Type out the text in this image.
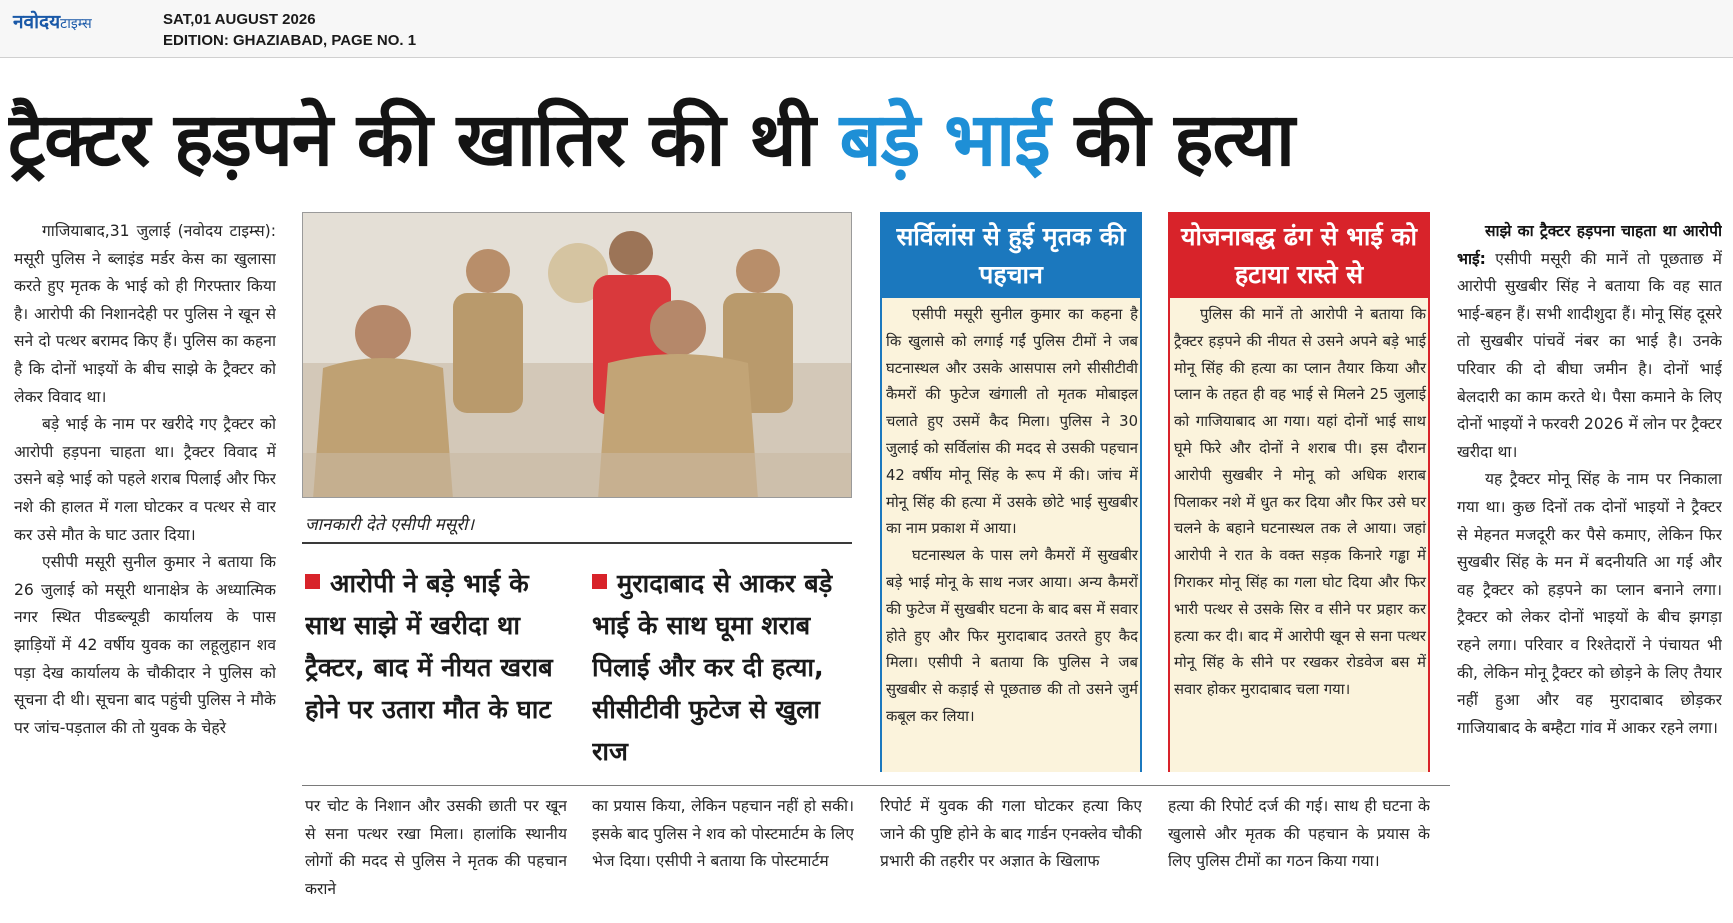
नवोदयटाइम्स	SAT,01 AUGUST 2026
EDITION: GHAZIABAD, PAGE NO. 1
ट्रैक्टर हड़पने की खातिर की थी बड़े भाई की हत्या

गाजियाबाद,31 जुलाई (नवोदय टाइम्स): मसूरी पुलिस ने ब्लाइंड मर्डर केस का खुलासा करते हुए मृतक के भाई को ही गिरफ्तार किया है। आरोपी की निशानदेही पर पुलिस ने खून से सने दो पत्थर बरामद किए हैं। पुलिस का कहना है कि दोनों भाइयों के बीच साझे के ट्रैक्टर को लेकर विवाद था।

बड़े भाई के नाम पर खरीदे गए ट्रैक्टर को आरोपी हड़पना चाहता था। ट्रैक्टर विवाद में उसने बड़े भाई को पहले शराब पिलाई और फिर नशे की हालत में गला घोटकर व पत्थर से वार कर उसे मौत के घाट उतार दिया।

एसीपी मसूरी सुनील कुमार ने बताया कि 26 जुलाई को मसूरी थानाक्षेत्र के अध्यात्मिक नगर स्थित पीडब्ल्यूडी कार्यालय के पास झाड़ियों में 42 वर्षीय युवक का लहूलुहान शव पड़ा देख कार्यालय के चौकीदार ने पुलिस को सूचना दी थी। सूचना बाद पहुंची पुलिस ने मौके पर जांच-पड़ताल की तो युवक के चेहरे

जानकारी देते एसीपी मसूरी।
आरोपी ने बड़े भाई के साथ साझे में खरीदा था ट्रैक्टर, बाद में नीयत खराब होने पर उतारा मौत के घाट
मुरादाबाद से आकर बड़े भाई के साथ घूमा शराब पिलाई और कर दी हत्या, सीसीटीवी फुटेज से खुला राज

पर चोट के निशान और उसकी छाती पर खून से सना पत्थर रखा मिला। हालांकि स्थानीय लोगों की मदद से पुलिस ने मृतक की पहचान कराने

का प्रयास किया, लेकिन पहचान नहीं हो सकी। इसके बाद पुलिस ने शव को पोस्टमार्टम के लिए भेज दिया। एसीपी ने बताया कि पोस्टमार्टम

रिपोर्ट में युवक की गला घोटकर हत्या किए जाने की पुष्टि होने के बाद गार्डन एनक्लेव चौकी प्रभारी की तहरीर पर अज्ञात के खिलाफ

हत्या की रिपोर्ट दर्ज की गई। साथ ही घटना के खुलासे और मृतक की पहचान के प्रयास के लिए पुलिस टीमों का गठन किया गया।

सर्विलांस से हुई मृतक की पहचान

एसीपी मसूरी सुनील कुमार का कहना है कि खुलासे को लगाई गईं पुलिस टीमों ने जब घटनास्थल और उसके आसपास लगे सीसीटीवी कैमरों की फुटेज खंगाली तो मृतक मोबाइल चलाते हुए उसमें कैद मिला। पुलिस ने 30 जुलाई को सर्विलांस की मदद से उसकी पहचान 42 वर्षीय मोनू सिंह के रूप में की। जांच में मोनू सिंह की हत्या में उसके छोटे भाई सुखबीर का नाम प्रकाश में आया।

घटनास्थल के पास लगे कैमरों में सुखबीर बड़े भाई मोनू के साथ नजर आया। अन्य कैमरों की फुटेज में सुखबीर घटना के बाद बस में सवार होते हुए और फिर मुरादाबाद उतरते हुए कैद मिला। एसीपी ने बताया कि पुलिस ने जब सुखबीर से कड़ाई से पूछताछ की तो उसने जुर्म कबूल कर लिया।

योजनाबद्ध ढंग से भाई को हटाया रास्ते से

पुलिस की मानें तो आरोपी ने बताया कि ट्रैक्टर हड़पने की नीयत से उसने अपने बड़े भाई मोनू सिंह की हत्या का प्लान तैयार किया और प्लान के तहत ही वह भाई से मिलने 25 जुलाई को गाजियाबाद आ गया। यहां दोनों भाई साथ घूमे फिरे और दोनों ने शराब पी। इस दौरान आरोपी सुखबीर ने मोनू को अधिक शराब पिलाकर नशे में धुत कर दिया और फिर उसे घर चलने के बहाने घटनास्थल तक ले आया। जहां आरोपी ने रात के वक्त सड़क किनारे गड्ढा में गिराकर मोनू सिंह का गला घोट दिया और फिर भारी पत्थर से उसके सिर व सीने पर प्रहार कर हत्या कर दी। बाद में आरोपी खून से सना पत्थर मोनू सिंह के सीने पर रखकर रोडवेज बस में सवार होकर मुरादाबाद चला गया।

साझे का ट्रैक्टर हड़पना चाहता था आरोपी भाई: एसीपी मसूरी की मानें तो पूछताछ में आरोपी सुखबीर सिंह ने बताया कि वह सात भाई-बहन हैं। सभी शादीशुदा हैं। मोनू सिंह दूसरे तो सुखबीर पांचवें नंबर का भाई है। उनके परिवार की दो बीघा जमीन है। दोनों भाई बेलदारी का काम करते थे। पैसा कमाने के लिए दोनों भाइयों ने फरवरी 2026 में लोन पर ट्रैक्टर खरीदा था।

यह ट्रैक्टर मोनू सिंह के नाम पर निकाला गया था। कुछ दिनों तक दोनों भाइयों ने ट्रैक्टर से मेहनत मजदूरी कर पैसे कमाए, लेकिन फिर सुखबीर सिंह के मन में बदनीयति आ गई और वह ट्रैक्टर को हड़पने का प्लान बनाने लगा। ट्रैक्टर को लेकर दोनों भाइयों के बीच झगड़ा रहने लगा। परिवार व रिश्तेदारों ने पंचायत भी की, लेकिन मोनू ट्रैक्टर को छोड़ने के लिए तैयार नहीं हुआ और वह मुरादाबाद छोड़कर गाजियाबाद के बम्हैटा गांव में आकर रहने लगा।
